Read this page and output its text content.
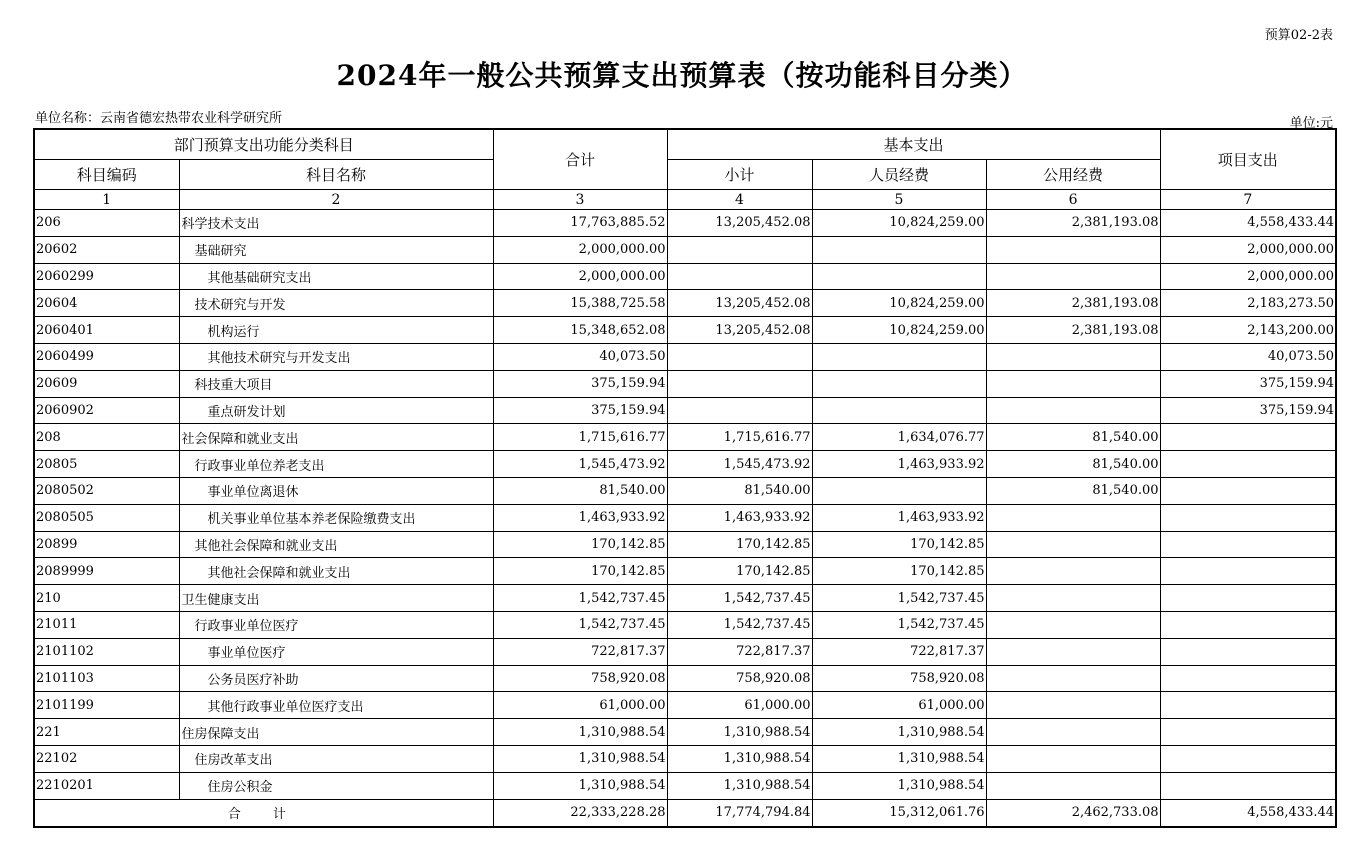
预算02-2表
2024年一般公共预算支出预算表（按功能科目分类）
单位名称：云南省德宏热带农业科学研究所	单位:元
部门预算支出功能分类科目		合计	基本支出			项目支出
科目编码	科目名称		小计	人员经费	公用经费	
1	2	3	4	5	6	7
206	科学技术支出	17,763,885.52	13,205,452.08	10,824,259.00	2,381,193.08	4,558,433.44
20602	基础研究	2,000,000.00				2,000,000.00
2060299	其他基础研究支出	2,000,000.00				2,000,000.00
20604	技术研究与开发	15,388,725.58	13,205,452.08	10,824,259.00	2,381,193.08	2,183,273.50
2060401	机构运行	15,348,652.08	13,205,452.08	10,824,259.00	2,381,193.08	2,143,200.00
2060499	其他技术研究与开发支出	40,073.50				40,073.50
20609	科技重大项目	375,159.94				375,159.94
2060902	重点研发计划	375,159.94				375,159.94
208	社会保障和就业支出	1,715,616.77	1,715,616.77	1,634,076.77	81,540.00	
20805	行政事业单位养老支出	1,545,473.92	1,545,473.92	1,463,933.92	81,540.00	
2080502	事业单位离退休	81,540.00	81,540.00		81,540.00	
2080505	机关事业单位基本养老保险缴费支出	1,463,933.92	1,463,933.92	1,463,933.92		
20899	其他社会保障和就业支出	170,142.85	170,142.85	170,142.85		
2089999	其他社会保障和就业支出	170,142.85	170,142.85	170,142.85		
210	卫生健康支出	1,542,737.45	1,542,737.45	1,542,737.45		
21011	行政事业单位医疗	1,542,737.45	1,542,737.45	1,542,737.45		
2101102	事业单位医疗	722,817.37	722,817.37	722,817.37		
2101103	公务员医疗补助	758,920.08	758,920.08	758,920.08		
2101199	其他行政事业单位医疗支出	61,000.00	61,000.00	61,000.00		
221	住房保障支出	1,310,988.54	1,310,988.54	1,310,988.54		
22102	住房改革支出	1,310,988.54	1,310,988.54	1,310,988.54		
2210201	住房公积金	1,310,988.54	1,310,988.54	1,310,988.54		
合 计		22,333,228.28	17,774,794.84	15,312,061.76	2,462,733.08	4,558,433.44
